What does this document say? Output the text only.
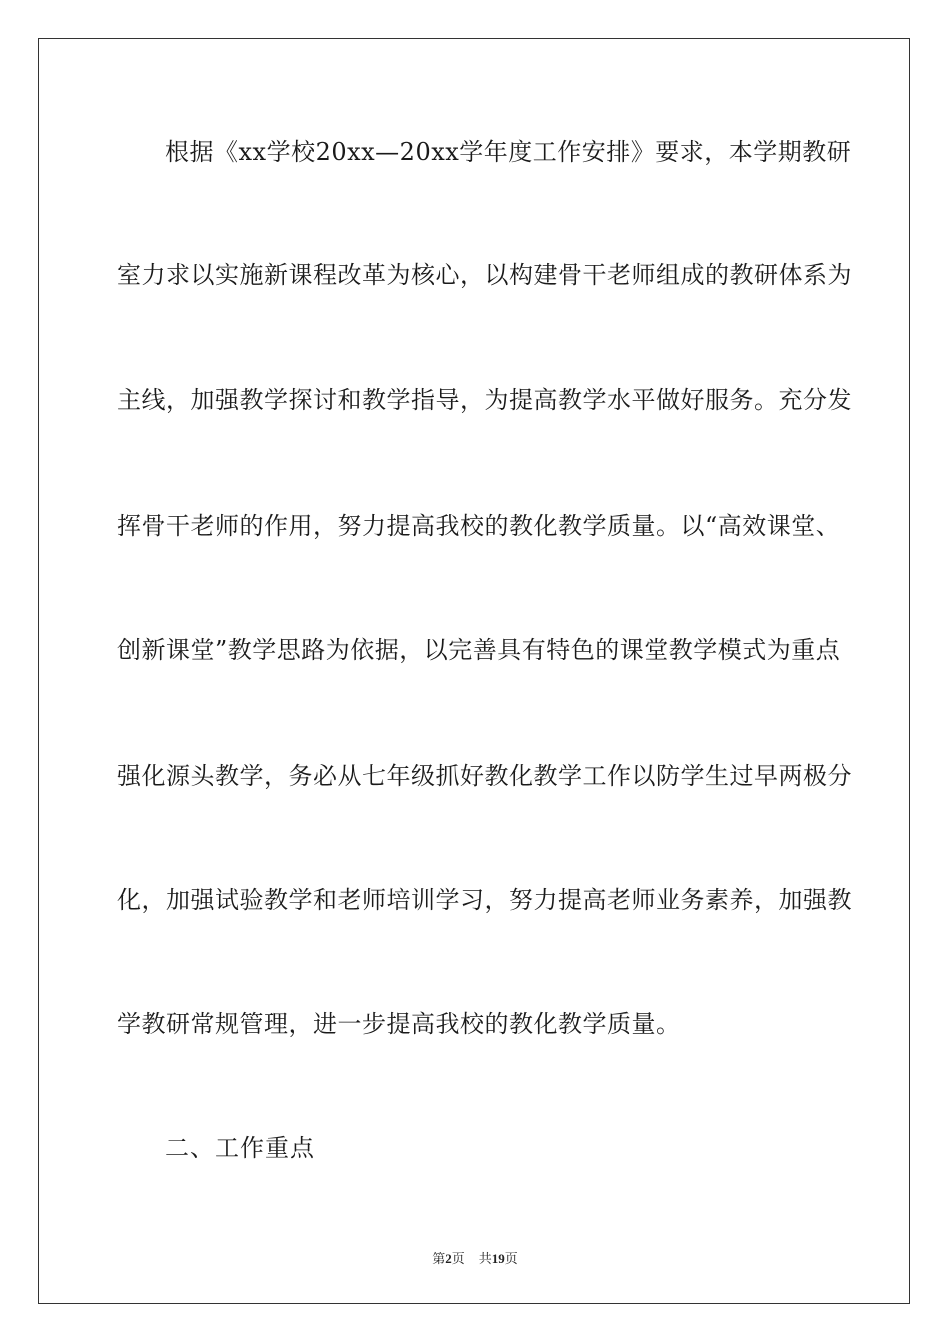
根据《xx学校20xx—20xx学年度工作安排》要求，本学期教研
室力求以实施新课程改革为核心，以构建骨干老师组成的教研体系为
主线，加强教学探讨和教学指导，为提高教学水平做好服务。充分发
挥骨干老师的作用，努力提高我校的教化教学质量。以“高效课堂、
创新课堂”教学思路为依据，以完善具有特色的课堂教学模式为重点
强化源头教学，务必从七年级抓好教化教学工作以防学生过早两极分
化，加强试验教学和老师培训学习，努力提高老师业务素养，加强教
学教研常规管理，进一步提高我校的教化教学质量。
二、工作重点
第2页 共19页
